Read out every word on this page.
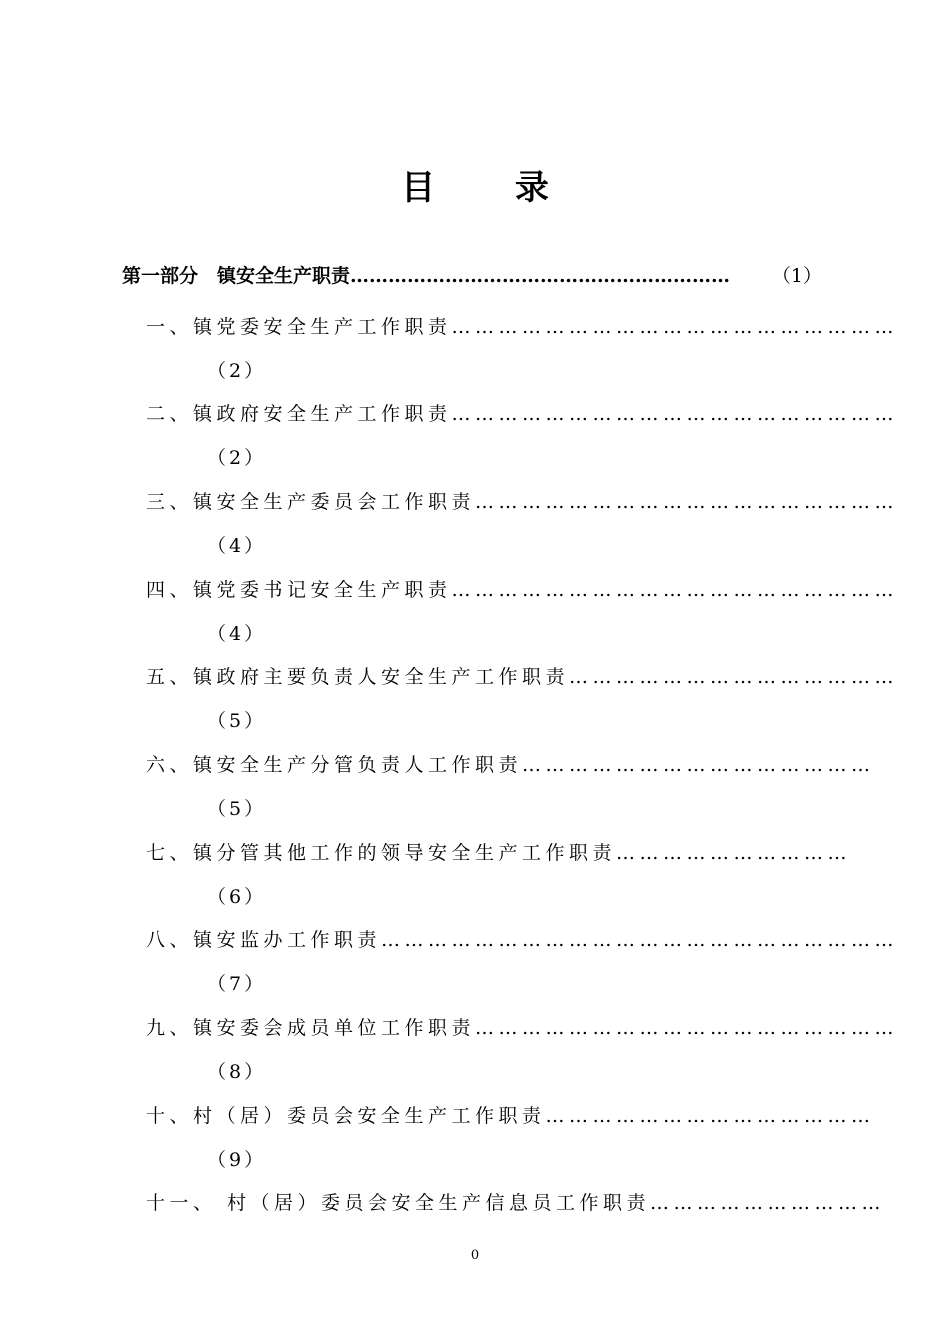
目 录
第一部分　镇安全生产职责…………………………………………………… （1）
一、镇党委安全生产工作职责…………………………………………………
（2）
二、镇政府安全生产工作职责…………………………………………………
（2）
三、镇安全生产委员会工作职责………………………………………………
（4）
四、镇党委书记安全生产职责…………………………………………………
（4）
五、镇政府主要负责人安全生产工作职责……………………………………
（5）
六、镇安全生产分管负责人工作职责………………………………………
（5）
七、镇分管其他工作的领导安全生产工作职责…………………………
（6）
八、镇安监办工作职责…………………………………………………………
（7）
九、镇安委会成员单位工作职责………………………………………………
（8）
十、村（居）委员会安全生产工作职责……………………………………
（9）
十一、 村（居）委员会安全生产信息员工作职责…………………………
0
